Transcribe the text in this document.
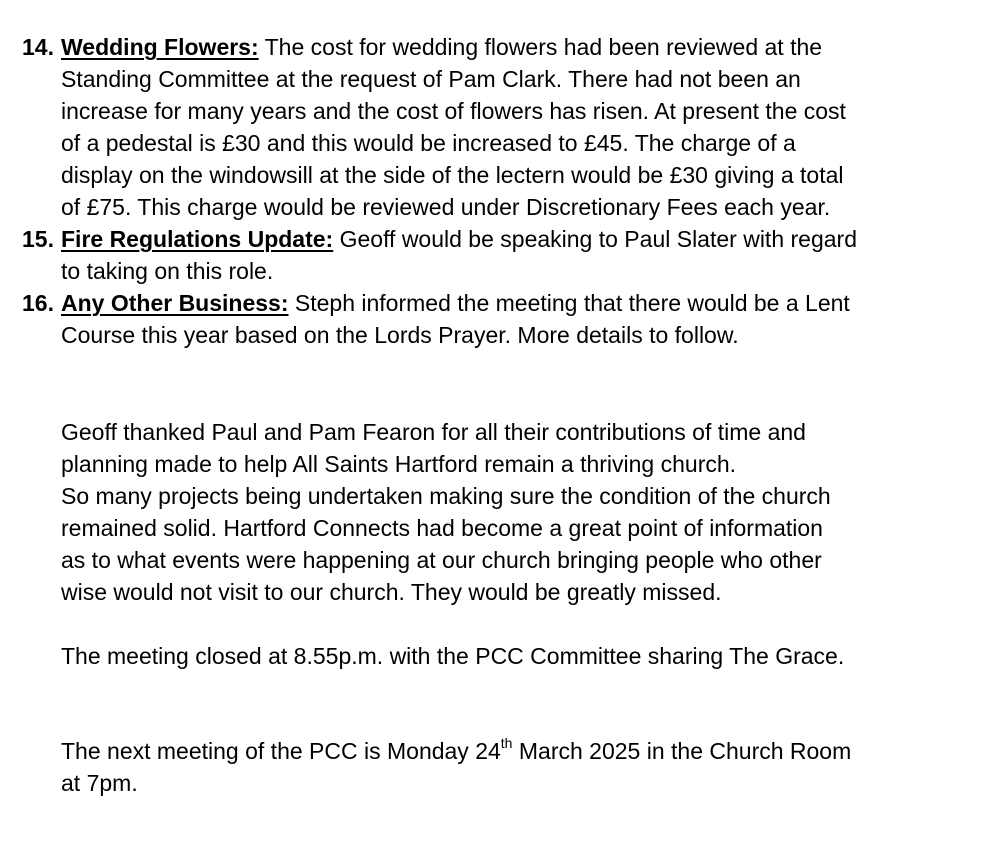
14. Wedding Flowers: The cost for wedding flowers had been reviewed at the
Standing Committee at the request of Pam Clark. There had not been an
increase for many years and the cost of flowers has risen. At present the cost
of a pedestal is £30 and this would be increased to £45. The charge of a
display on the windowsill at the side of the lectern would be £30 giving a total
of £75. This charge would be reviewed under Discretionary Fees each year.
15. Fire Regulations Update: Geoff would be speaking to Paul Slater with regard
to taking on this role.
16. Any Other Business: Steph informed the meeting that there would be a Lent
Course this year based on the Lords Prayer. More details to follow.
Geoff thanked Paul and Pam Fearon for all their contributions of time and
planning made to help All Saints Hartford remain a thriving church.
So many projects being undertaken making sure the condition of the church
remained solid. Hartford Connects had become a great point of information
as to what events were happening at our church bringing people who other
wise would not visit to our church. They would be greatly missed.
The meeting closed at 8.55p.m. with the PCC Committee sharing The Grace.
The next meeting of the PCC is Monday 24th March 2025 in the Church Room
at 7pm.
